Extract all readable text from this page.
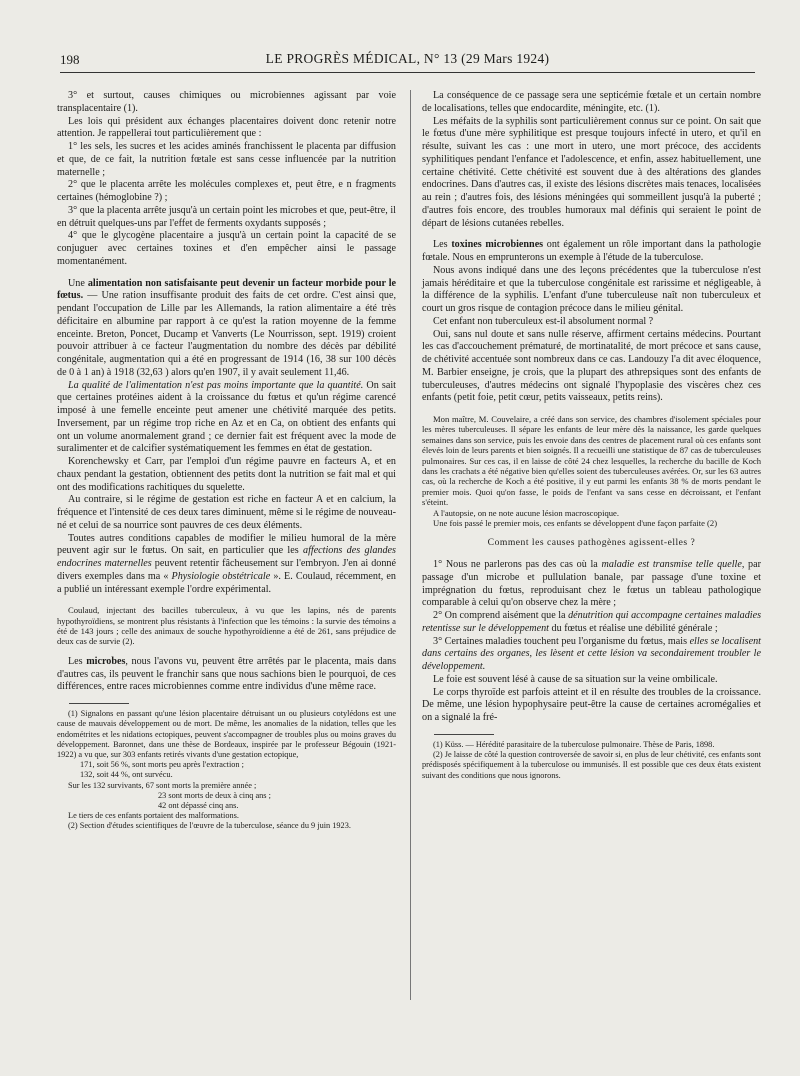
198	LE PROGRÈS MÉDICAL, N° 13 (29 Mars 1924)

3° et surtout, causes chimiques ou microbiennes agissant par voie transplacentaire (1).

Les lois qui président aux échanges placentaires doivent donc retenir notre attention. Je rappellerai tout particulièrement que :

1° les sels, les sucres et les acides aminés franchissent le placenta par diffusion et que, de ce fait, la nutrition fœtale est sans cesse influencée par la nutrition maternelle ;

2° que le placenta arrête les molécules complexes et, peut être, e n fragments certaines (hémoglobine ?) ;

3° que la placenta arrête jusqu'à un certain point les microbes et que, peut-être, il en détruit quelques-uns par l'effet de ferments oxydants supposés ;

4° que le glycogène placentaire a jusqu'à un certain point la capacité de se conjuguer avec certaines toxines et d'en empêcher ainsi le passage momentanément.

Une alimentation non satisfaisante peut devenir un facteur morbide pour le fœtus. — Une ration insuffisante produit des faits de cet ordre. C'est ainsi que, pendant l'occupation de Lille par les Allemands, la ration alimentaire a été très déficitaire en albumine par rapport à ce qu'est la ration moyenne de la femme enceinte. Breton, Poncet, Ducamp et Vanverts (Le Nourrisson, sept. 1919) croient pouvoir attribuer à ce facteur l'augmentation du nombre des décès par débilité congénitale, augmentation qui a été en progressant de 1914 (16, 38 sur 100 décès de 0 à 1 an) à 1918 (32,63 ) alors qu'en 1907, il y avait seulement 11,46.

La qualité de l'alimentation n'est pas moins importante que la quantité. On sait que certaines protéines aident à la croissance du fœtus et qu'un régime carencé imposé à une femelle enceinte peut amener une chétivité marquée des petits. Inversement, par un régime trop riche en Az et en Ca, on obtient des enfants qui ont un volume anormalement grand ; ce dernier fait est fréquent avec la mode de suralimenter et de calcifier systématiquement les femmes en état de gestation.

Korenchewsky et Carr, par l'emploi d'un régime pauvre en facteurs A, et en chaux pendant la gestation, obtiennent des petits dont la nutrition se fait mal et qui ont des modifications rachitiques du squelette.

Au contraire, si le régime de gestation est riche en facteur A et en calcium, la fréquence et l'intensité de ces deux tares diminuent, même si le régime de nouveau-né et celui de sa nourrice sont pauvres de ces deux éléments.

Toutes autres conditions capables de modifier le milieu humoral de la mère peuvent agir sur le fœtus. On sait, en particulier que les affections des glandes endocrines maternelles peuvent retentir fâcheusement sur l'embryon. J'en ai donné divers exemples dans ma « Physiologie obstétricale ». E. Coulaud, récemment, en a publié un intéressant exemple l'ordre expérimental.

Coulaud, injectant des bacilles tuberculeux, à vu que les lapins, nés de parents hypothyroïdiens, se montrent plus résistants à l'infection que les témoins : la survie des témoins a été de 143 jours ; celle des animaux de souche hypothyroïdienne a été de 261, sans préjudice de deux cas de survie (2).

Les microbes, nous l'avons vu, peuvent être arrêtés par le placenta, mais dans d'autres cas, ils peuvent le franchir sans que nous sachions bien le pourquoi, de ces différences, entre races microbiennes comme entre individus d'une même race.

(1) Signalons en passant qu'une lésion placentaire détruisant un ou plusieurs cotylédons est une cause de mauvais développement ou de mort. De même, les anomalies de la nidation, telles que les endométrites et les nidations ectopiques, peuvent s'accompagner de troubles plus ou moins graves du développement. Baronnet, dans une thèse de Bordeaux, inspirée par le professeur Bégouin (1921-1922) a vu que, sur 303 enfants retirés vivants d'une gestation ectopique,

171, soit 56 %, sont morts peu après l'extraction ;

132, soit 44 %, ont survécu.

Sur les 132 survivants, 67 sont morts la première année ;

23 sont morts de deux à cinq ans ;

42 ont dépassé cinq ans.

Le tiers de ces enfants portaient des malformations.

(2) Section d'études scientifiques de l'œuvre de la tuberculose, séance du 9 juin 1923.

La conséquence de ce passage sera une septicémie fœtale et un certain nombre de localisations, telles que endocardite, méningite, etc. (1).

Les méfaits de la syphilis sont particulièrement connus sur ce point. On sait que le fœtus d'une mère syphilitique est presque toujours infecté in utero, et qu'il en résulte, suivant les cas : une mort in utero, une mort précoce, des accidents syphilitiques pendant l'enfance et l'adolescence, et enfin, assez habituellement, une certaine chétivité. Cette chétivité est souvent due à des altérations des glandes endocrines. Dans d'autres cas, il existe des lésions discrètes mais tenaces, localisées au rein ; d'autres fois, des lésions méningées qui sommeillent jusqu'à la puberté ; d'autres fois encore, des troubles humoraux mal définis qui seraient le point de départ de lésions cutanées rebelles.

Les toxines microbiennes ont également un rôle important dans la pathologie fœtale. Nous en emprunterons un exemple à l'étude de la tuberculose.

Nous avons indiqué dans une des leçons précédentes que la tuberculose n'est jamais héréditaire et que la tuberculose congénitale est rarissime et négligeable, à la différence de la syphilis. L'enfant d'une tuberculeuse naît non tuberculeux et court un gros risque de contagion précoce dans le milieu génital.

Cet enfant non tuberculeux est-il absolument normal ?

Oui, sans nul doute et sans nulle réserve, affirment certains médecins. Pourtant les cas d'accouchement prématuré, de mortinatalité, de mort précoce et sans cause, de chétivité accentuée sont nombreux dans ce cas. Landouzy l'a dit avec éloquence, M. Barbier enseigne, je crois, que la plupart des athrepsiques sont des enfants de tuberculeuses, d'autres médecins ont signalé l'hypoplasie des viscères chez ces enfants (petit foie, petit cœur, petits vaisseaux, petits reins).

Mon maître, M. Couvelaire, a créé dans son service, des chambres d'isolement spéciales pour les mères tuberculeuses. Il sépare les enfants de leur mère dès la naissance, les garde quelques semaines dans son service, puis les envoie dans des centres de placement rural où ces enfants sont élevés loin de leurs parents et bien soignés. Il a recueilli une statistique de 87 cas de tuberculeuses pulmonaires. Sur ces cas, il en laisse de côté 24 chez lesquelles, la recherche du bacille de Koch dans les crachats a été négative bien qu'elles soient des tuberculeuses avérées. Or, sur les 63 autres cas, où la recherche de Koch a été positive, il y eut parmi les enfants 38 % de morts pendant le premier mois. Quoi qu'on fasse, le poids de l'enfant va sans cesse en décroissant, et l'enfant s'éteint.

A l'autopsie, on ne note aucune lésion macroscopique.

Une fois passé le premier mois, ces enfants se développent d'une façon parfaite (2)

Comment les causes pathogènes agissent-elles ?

1° Nous ne parlerons pas des cas où la maladie est transmise telle quelle, par passage d'un microbe et pullulation banale, par passage d'une toxine et imprégnation du fœtus, reproduisant chez le fœtus un tableau pathologique comparable à celui qu'on observe chez la mère ;

2° On comprend aisément que la dénutrition qui accompagne certaines maladies retentisse sur le développement du fœtus et réalise une débilité générale ;

3° Certaines maladies touchent peu l'organisme du fœtus, mais elles se localisent dans certains des organes, les lèsent et cette lésion va secondairement troubler le développement.

Le foie est souvent lésé à cause de sa situation sur la veine ombilicale.

Le corps thyroïde est parfois atteint et il en résulte des troubles de la croissance. De même, une lésion hypophysaire peut-être la cause de certaines acromégalies et on a signalé la fré-

(1) Küss. — Hérédité parasitaire de la tuberculose pulmonaire. Thèse de Paris, 1898.

(2) Je laisse de côté la question controversée de savoir si, en plus de leur chétivité, ces enfants sont prédisposés spécifiquement à la tuberculose ou immunisés. Il est possible que ces deux états existent suivant des conditions que nous ignorons.
